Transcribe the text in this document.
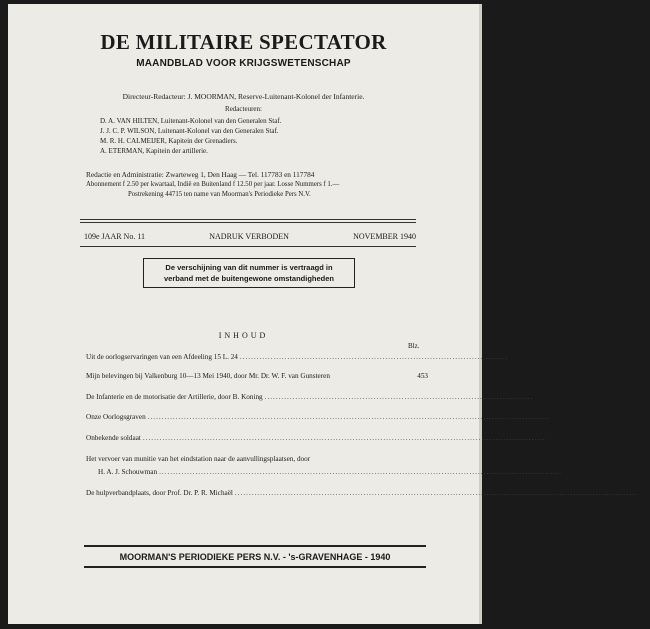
DE MILITAIRE SPECTATOR
MAANDBLAD VOOR KRIJGSWETENSCHAP
Directeur-Redacteur: J. MOORMAN, Reserve-Luitenant-Kolonel der Infanterie.
Redacteuren:
D. A. VAN HILTEN, Luitenant-Kolonel van den Generalen Staf.
J. J. C. P. WILSON, Luitenant-Kolonel van den Generalen Staf.
M. R. H. CALMEIJER, Kapitein der Grenadiers.
A. ETERMAN, Kapitein der artillerie.
Redactie en Administratie: Zwarteweg 1, Den Haag — Tel. 117783 en 117784
Abonnement f 2.50 per kwartaal, Indië en Buitenland f 12.50 per jaar. Losse Nummers f 1.—
Postrekening 44715 ten name van Moorman's Periodieke Pers N.V.
109e JAAR No. 11	NADRUK VERBODEN	NOVEMBER 1940
De verschijning van dit nummer is vertraagd in
verband met de buitengewone omstandigheden
INHOUD
Blz.
Uit de oorlogservaringen van een Afdeeling 15 L. 24 ................................................................................................ 446
Mijn belevingen bij Valkenburg 10—13 Mei 1940, door Mr. Dr. W. F. van Gunsteren	453
De Infanterie en de motorisatie der Artillerie, door B. Koning ................................................................................................ 456
Onze Oorlogsgraven ................................................................................................................................................ 466
Onbekende soldaat ................................................................................................................................................ 471
Het vervoer van munitie van het eindstation naar de aanvullingsplaatsen, door
H. A. J. Schouwman ................................................................................................................................................ 472
De hulpverbandplaats, door Prof. Dr. P. R. Michaël ................................................................................................................................................ 481
MOORMAN'S PERIODIEKE PERS N.V. - 's-GRAVENHAGE - 1940
